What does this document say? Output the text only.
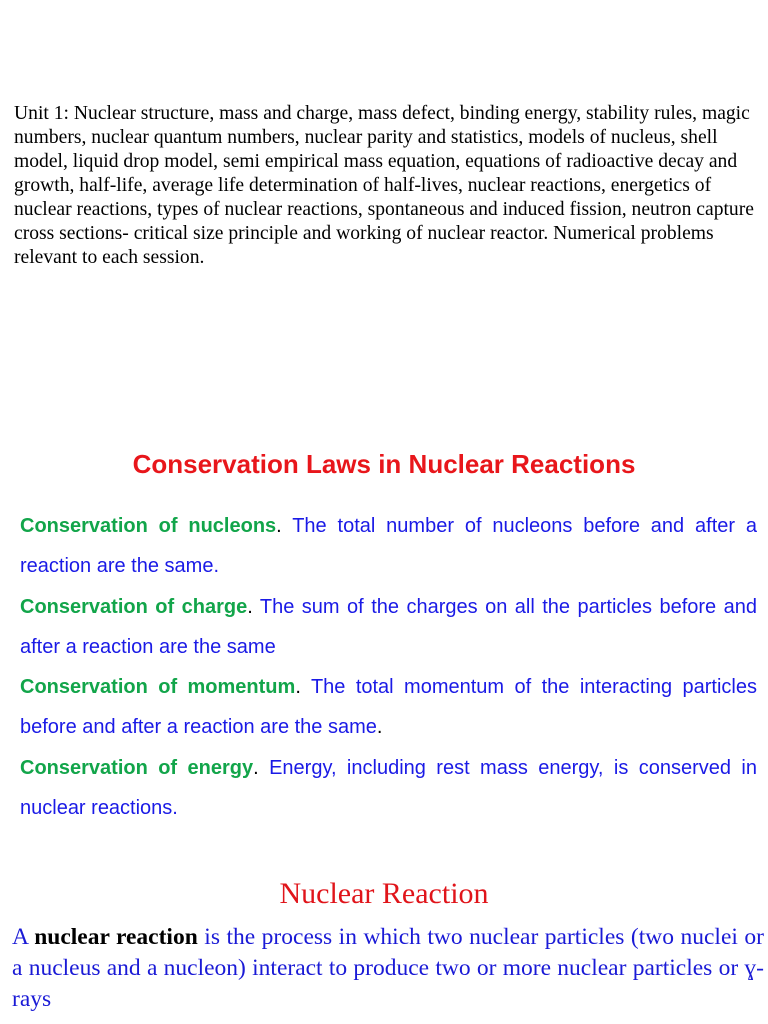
Unit 1: Nuclear structure, mass and charge, mass defect, binding energy, stability rules, magic numbers, nuclear quantum numbers, nuclear parity and statistics, models of nucleus, shell model, liquid drop model, semi empirical mass equation, equations of radioactive decay and growth, half-life, average life determination of half-lives, nuclear reactions, energetics of nuclear reactions, types of nuclear reactions, spontaneous and induced fission, neutron capture cross sections- critical size principle and working of nuclear reactor. Numerical problems relevant to each session.

Conservation Laws in Nuclear Reactions

Conservation of nucleons. The total number of nucleons before and after a reaction are the same.

Conservation of charge. The sum of the charges on all the particles before and after a reaction are the same

Conservation of momentum. The total momentum of the interacting particles before and after a reaction are the same.

Conservation of energy. Energy, including rest mass energy, is conserved in nuclear reactions.

Nuclear Reaction

A nuclear reaction is the process in which two nuclear particles (two nuclei or a nucleus and a nucleon) interact to produce two or more nuclear particles or ɣ-rays
